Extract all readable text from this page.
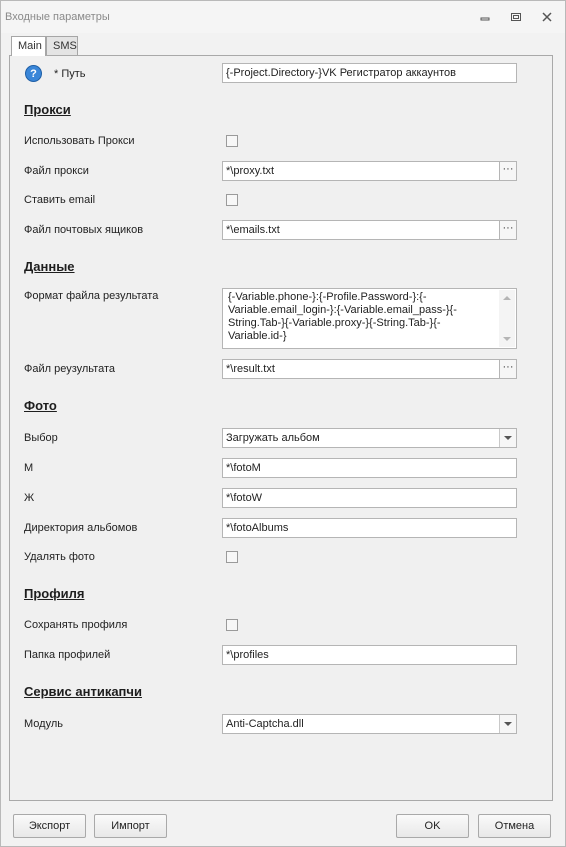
Входные параметры
Main	SMS
?	* Путь	{-Project.Directory-}VK Регистратор аккаунтов
Прокси
Использовать Прокси
Файл прокси	*\proxy.txt	···
Ставить email
Файл почтовых ящиков	*\emails.txt	···
Данные
Формат файла результата	{-Variable.phone-}:{-Profile.Password-}:{-Variable.email_login-}:{-Variable.email_pass-}{-String.Tab-}{-Variable.proxy-}{-String.Tab-}{-Variable.id-}
Файл реузультата	*\result.txt	···
Фото
Выбор	Загружать альбом
М	*\fotoM
Ж	*\fotoW
Директория альбомов	*\fotoAlbums
Удалять фото
Профиля
Сохранять профиля
Папка профилей	*\profiles
Сервис антикапчи
Модуль	Anti-Captcha.dll
Экспорт	Импорт	OK	Отмена
